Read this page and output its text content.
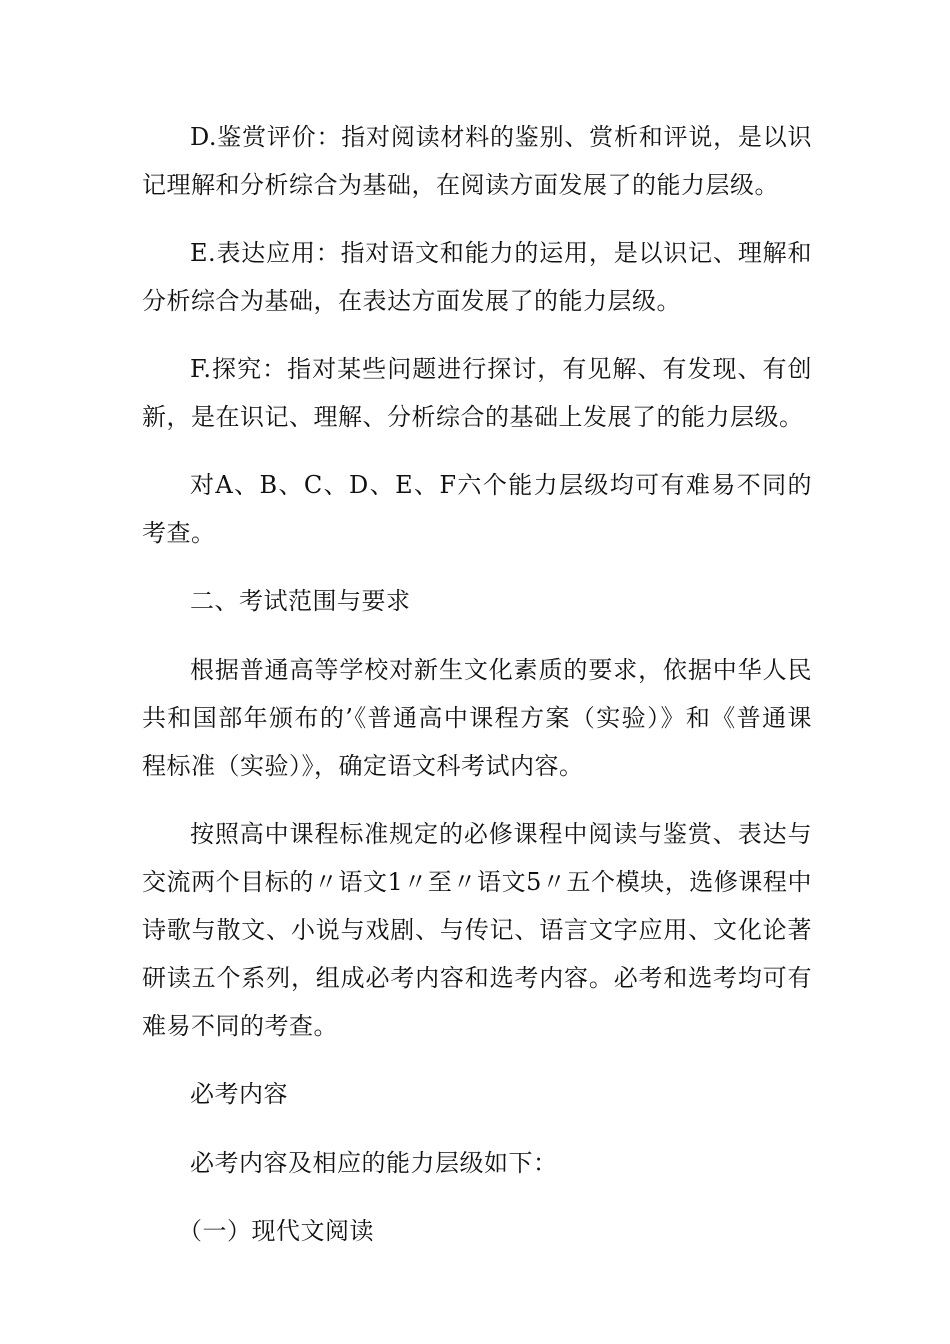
D.鉴赏评价：指对阅读材料的鉴别、赏析和评说，是以识记理解和分析综合为基础，在阅读方面发展了的能力层级。

E.表达应用：指对语文和能力的运用，是以识记、理解和分析综合为基础，在表达方面发展了的能力层级。

F.探究：指对某些问题进行探讨，有见解、有发现、有创新，是在识记、理解、分析综合的基础上发展了的能力层级。

对A、B、C、D、E、F六个能力层级均可有难易不同的考查。

二、考试范围与要求

根据普通高等学校对新生文化素质的要求，依据中华人民共和国部年颁布的’《普通高中课程方案（实验）》和《普通课程标准（实验）》，确定语文科考试内容。

按照高中课程标准规定的必修课程中阅读与鉴赏、表达与交流两个目标的〃语文1〃至〃语文5〃五个模块，选修课程中诗歌与散文、小说与戏剧、与传记、语言文字应用、文化论著研读五个系列，组成必考内容和选考内容。必考和选考均可有难易不同的考查。

必考内容

必考内容及相应的能力层级如下：

（一）现代文阅读
